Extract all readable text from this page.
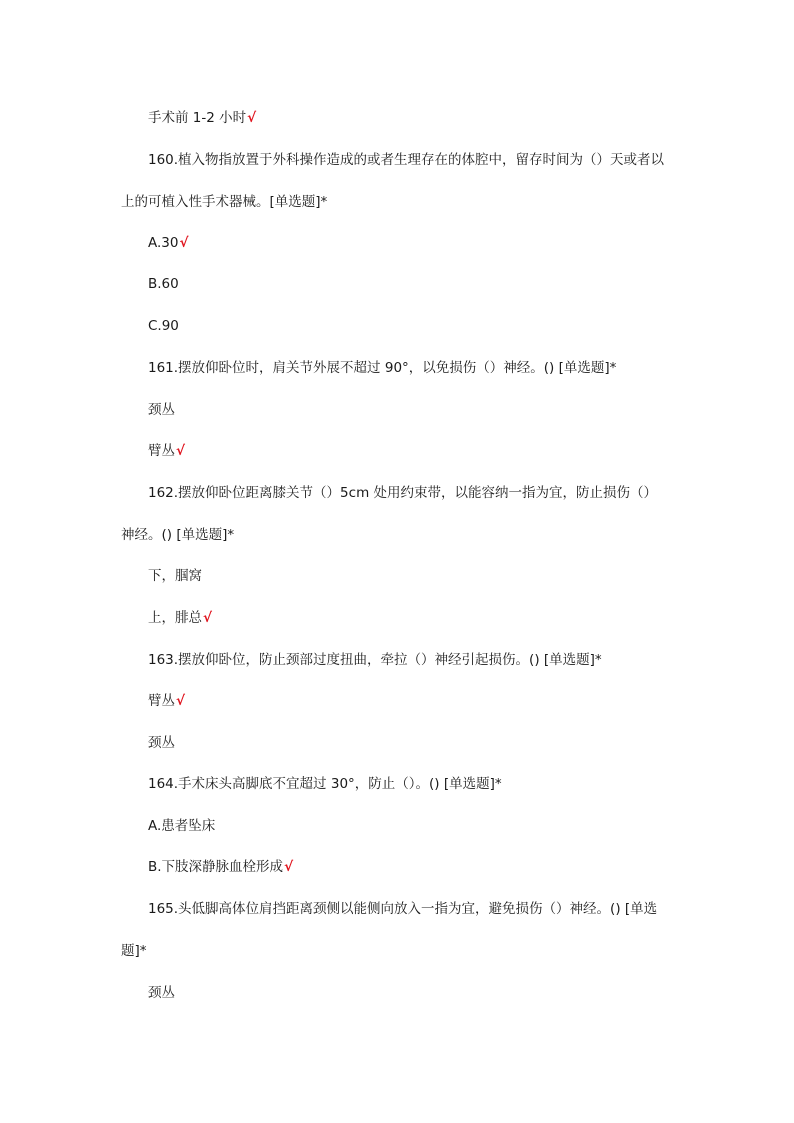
手术前 1-2 小时√
160.植入物指放置于外科操作造成的或者生理存在的体腔中，留存时间为（）天或者以
上的可植入性手术器械。[单选题]*
A.30√
B.60
C.90
161.摆放仰卧位时，肩关节外展不超过 90°，以免损伤（）神经。() [单选题]*
颈丛
臂丛√
162.摆放仰卧位距离膝关节（）5cm 处用约束带，以能容纳一指为宜，防止损伤（）
神经。() [单选题]*
下，腘窝
上，腓总√
163.摆放仰卧位，防止颈部过度扭曲，牵拉（）神经引起损伤。() [单选题]*
臂丛√
颈丛
164.手术床头高脚底不宜超过 30°，防止（）。() [单选题]*
A.患者坠床
B.下肢深静脉血栓形成√
165.头低脚高体位肩挡距离颈侧以能侧向放入一指为宜，避免损伤（）神经。() [单选
题]*
颈丛
